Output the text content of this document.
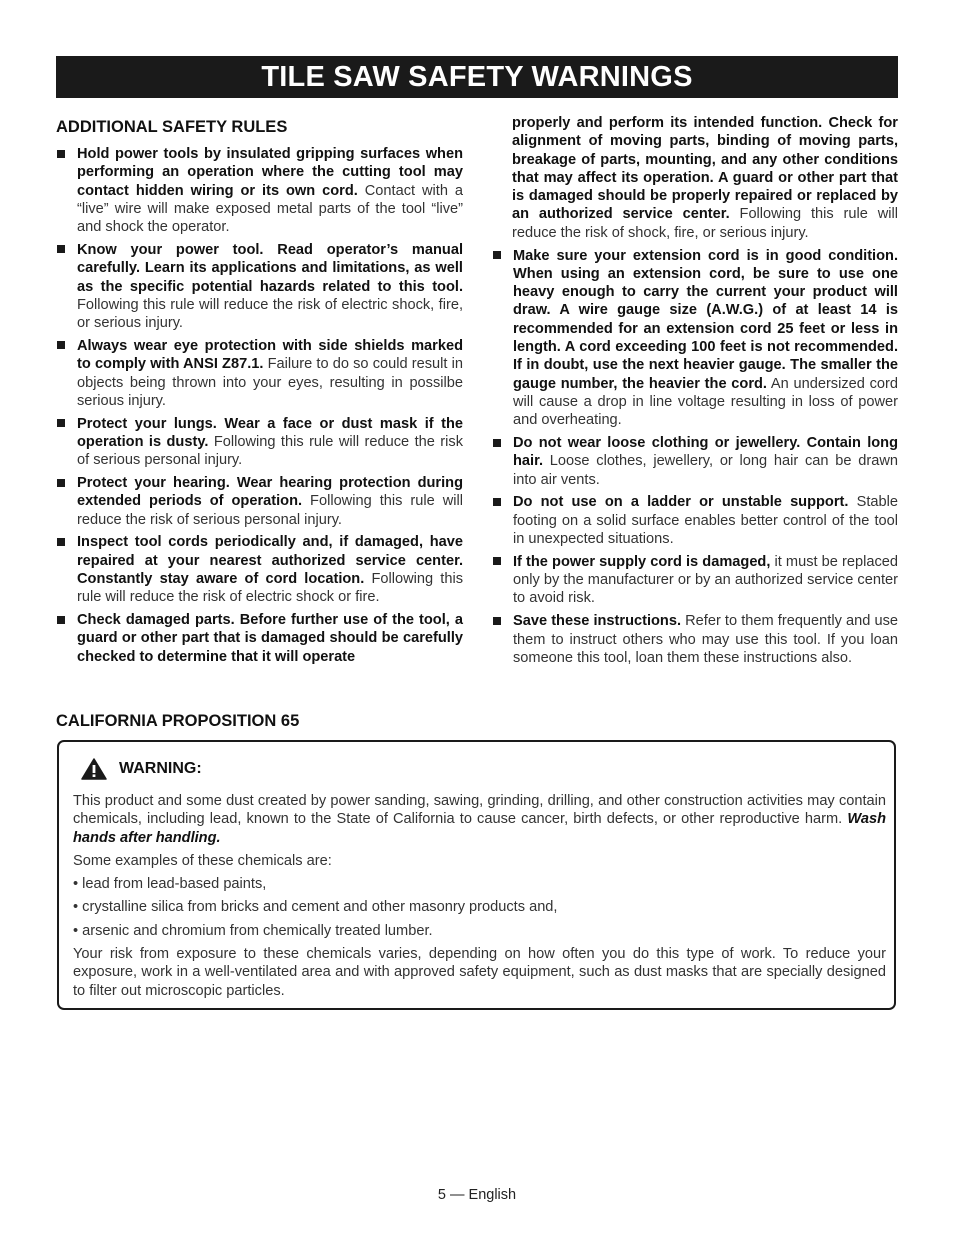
TILE SAW SAFETY WARNINGS
ADDITIONAL SAFETY RULES
Hold power tools by insulated gripping surfaces when performing an operation where the cutting tool may contact hidden wiring or its own cord. Contact with a “live” wire will make exposed metal parts of the tool “live” and shock the operator.
Know your power tool. Read operator’s manual carefully. Learn its applications and limitations, as well as the specific potential hazards related to this tool. Following this rule will reduce the risk of electric shock, fire, or serious injury.
Always wear eye protection with side shields marked to comply with ANSI Z87.1. Failure to do so could result in objects being thrown into your eyes, resulting in possilbe serious injury.
Protect your lungs. Wear a face or dust mask if the operation is dusty. Following this rule will reduce the risk of serious personal injury.
Protect your hearing. Wear hearing protection during extended periods of operation. Following this rule will reduce the risk of serious personal injury.
Inspect tool cords periodically and, if damaged, have repaired at your nearest authorized service center. Constantly stay aware of cord location. Following this rule will reduce the risk of electric shock or fire.
Check damaged parts. Before further use of the tool, a guard or other part that is damaged should be carefully checked to determine that it will operate
properly and perform its intended function. Check for alignment of moving parts, binding of moving parts, breakage of parts, mounting, and any other conditions that may affect its operation. A guard or other part that is damaged should be properly repaired or replaced by an authorized service center. Following this rule will reduce the risk of shock, fire, or serious injury.
Make sure your extension cord is in good condition. When using an extension cord, be sure to use one heavy enough to carry the current your product will draw. A wire gauge size (A.W.G.) of at least 14 is recommended for an extension cord 25 feet or less in length. A cord exceeding 100 feet is not recommended. If in doubt, use the next heavier gauge. The smaller the gauge number, the heavier the cord. An undersized cord will cause a drop in line voltage resulting in loss of power and overheating.
Do not wear loose clothing or jewellery. Contain long hair. Loose clothes, jewellery, or long hair can be drawn into air vents.
Do not use on a ladder or unstable support. Stable footing on a solid surface enables better control of the tool in unexpected situations.
If the power supply cord is damaged, it must be replaced only by the manufacturer or by an authorized service center to avoid risk.
Save these instructions. Refer to them frequently and use them to instruct others who may use this tool. If you loan someone this tool, loan them these instructions also.
CALIFORNIA PROPOSITION 65
WARNING:

This product and some dust created by power sanding, sawing, grinding, drilling, and other construction activities may contain chemicals, including lead, known to the State of California to cause cancer, birth defects, or other reproductive harm. Wash hands after handling.

Some examples of these chemicals are:

• lead from lead-based paints,

• crystalline silica from bricks and cement and other masonry products and,

• arsenic and chromium from chemically treated lumber.

Your risk from exposure to these chemicals varies, depending on how often you do this type of work. To reduce your exposure, work in a well-ventilated area and with approved safety equipment, such as dust masks that are specially designed to filter out microscopic particles.

5 — English
